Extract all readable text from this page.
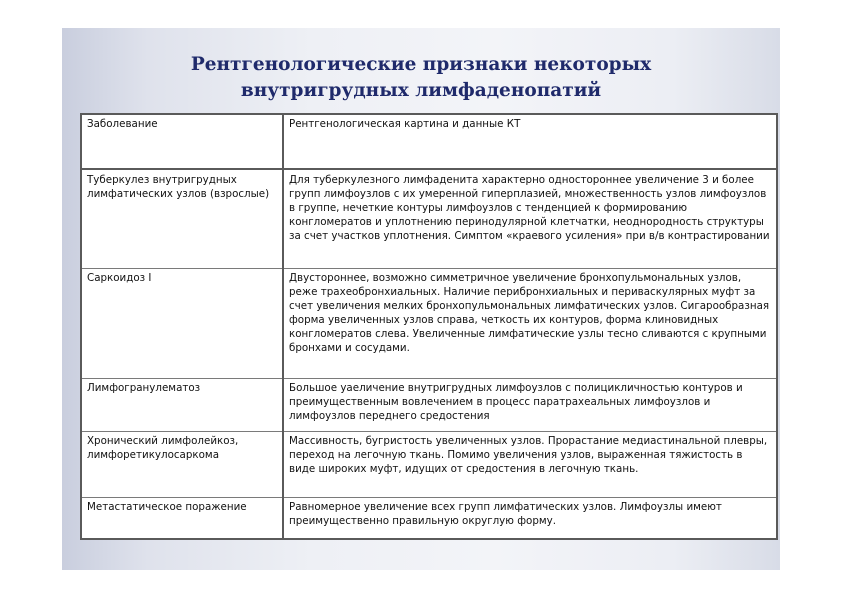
Рентгенологические признаки некоторых
внутригрудных лимфаденопатий
Заболевание	Рентгенологическая картина и данные КТ
Туберкулез внутригрудных лимфатических узлов (взрослые)	Для туберкулезного лимфаденита характерно одностороннее увеличение 3 и более групп лимфоузлов с их умеренной гиперплазией, множественность узлов лимфоузлов в группе, нечеткие контуры лимфоузлов с тенденцией к формированию конгломератов и уплотнению перинодулярной клетчатки, неоднородность структуры за счет участков уплотнения. Симптом «краевого усиления» при в/в контрастировании
Саркоидоз I	Двустороннее, возможно симметричное увеличение бронхопульмональных узлов, реже трахеобронхиальных. Наличие перибронхиальных и периваскулярных муфт за счет увеличения мелких бронхопульмональных лимфатических узлов. Сигарообразная форма увеличенных узлов справа, четкость их контуров, форма клиновидных конгломератов слева. Увеличенные лимфатические узлы тесно сливаются с крупными бронхами и сосудами.
Лимфогранулематоз	Большое уаеличение внутригрудных лимфоузлов с полицикличностью контуров и преимущественным вовлечением в процесс паратрахеальных лимфоузлов и лимфоузлов переднего средостения
Хронический лимфолейкоз, лимфоретикулосаркома	Массивность, бугристость увеличенных узлов. Прорастание медиастинальной плевры, переход на легочную ткань. Помимо увеличения узлов, выраженная тяжистость в виде широких муфт, идущих от средостения в легочную ткань.
Метастатическое поражение	Равномерное увеличение всех групп лимфатических узлов. Лимфоузлы имеют преимущественно правильную округлую форму.
